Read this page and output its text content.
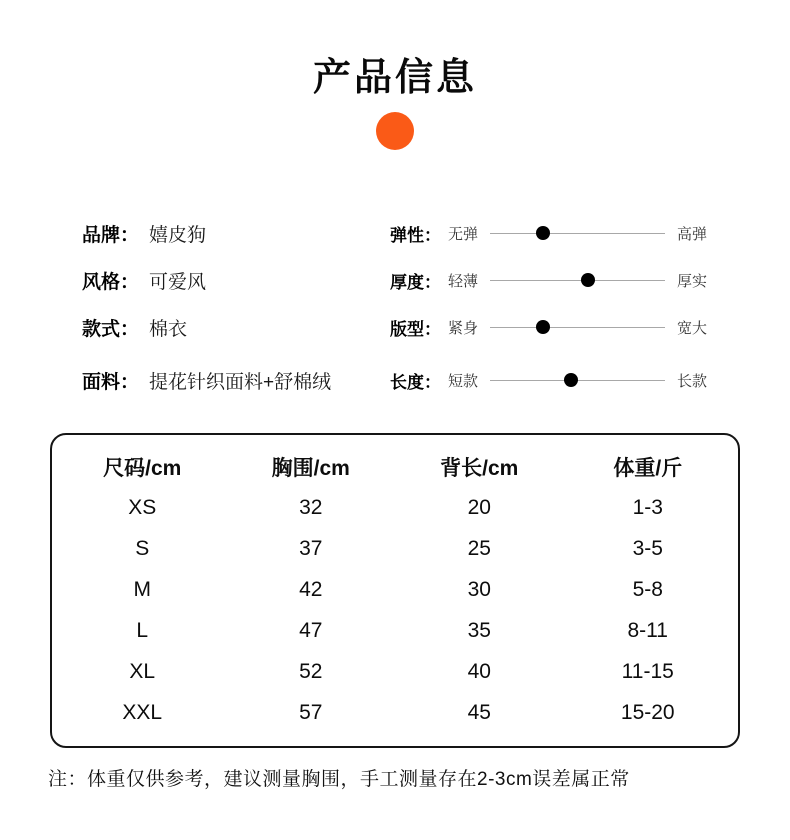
产品信息
品牌： 嬉皮狗
风格： 可爱风
款式： 棉衣
面料： 提花针织面料+舒棉绒
弹性： 无弹	高弹
厚度： 轻薄	厚实
版型： 紧身	宽大
长度： 短款	长款
尺码/cm	胸围/cm	背长/cm	体重/斤
XS	32	20	1-3
S	37	25	3-5
M	42	30	5-8
L	47	35	8-11
XL	52	40	11-15
XXL	57	45	15-20
注：体重仅供参考，建议测量胸围，手工测量存在2-3cm误差属正常
